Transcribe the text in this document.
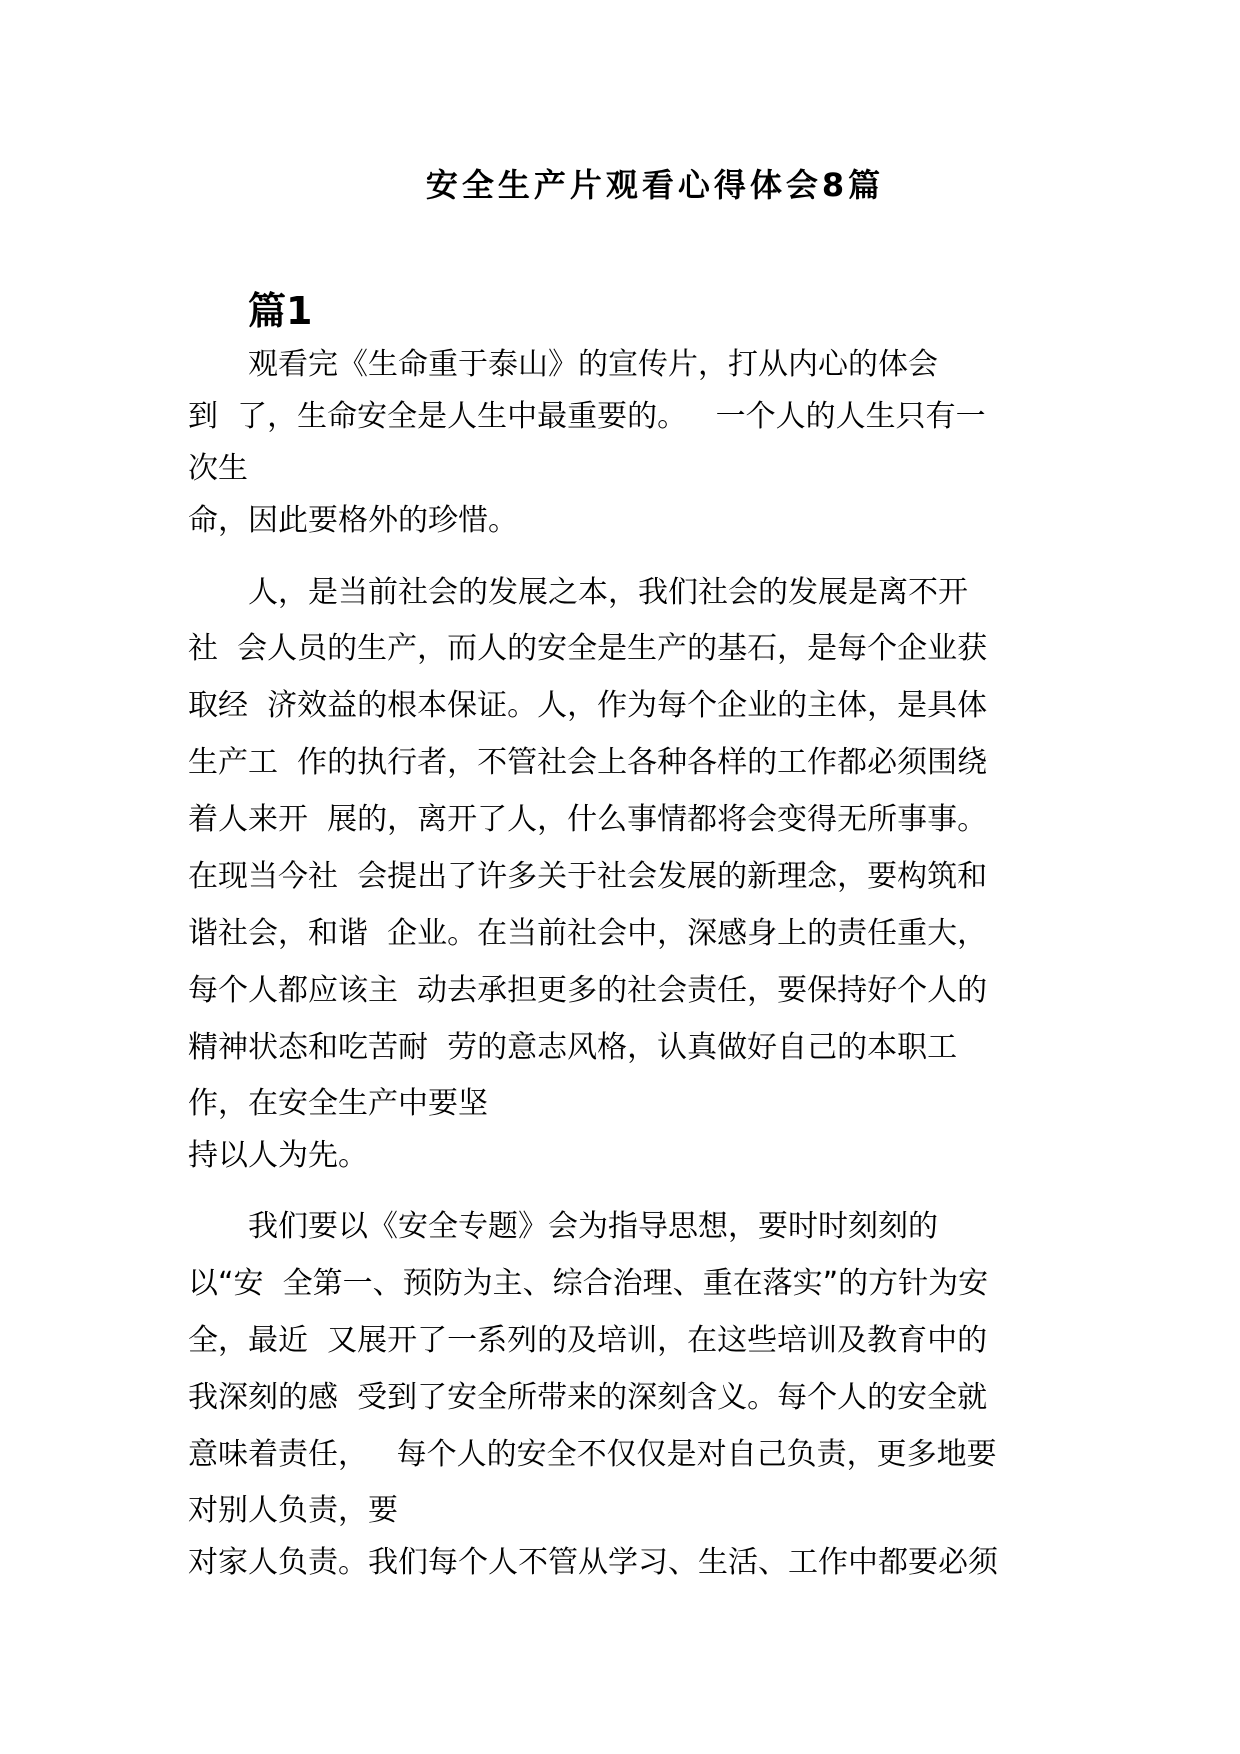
安全生产片观看心得体会8篇
篇1

观看完《生命重于泰山》的宣传片，打从内心的体会

到  了，生命安全是人生中最重要的。   一个人的人生只有一

次生

命，因此要格外的珍惜。

人，是当前社会的发展之本，我们社会的发展是离不开

社  会人员的生产，而人的安全是生产的基石，是每个企业获

取经  济效益的根本保证。人，作为每个企业的主体，是具体

生产工  作的执行者，不管社会上各种各样的工作都必须围绕

着人来开  展的，离开了人，什么事情都将会变得无所事事。

在现当今社  会提出了许多关于社会发展的新理念，要构筑和

谐社会，和谐  企业。在当前社会中，深感身上的责任重大，

每个人都应该主  动去承担更多的社会责任，要保持好个人的

精神状态和吃苦耐  劳的意志风格，认真做好自己的本职工

作，在安全生产中要坚

持以人为先。

我们要以《安全专题》会为指导思想，要时时刻刻的

以“安  全第一、预防为主、综合治理、重在落实”的方针为安

全，最近  又展开了一系列的及培训，在这些培训及教育中的

我深刻的感  受到了安全所带来的深刻含义。每个人的安全就

意味着责任，   每个人的安全不仅仅是对自己负责，更多地要

对别人负责，要

对家人负责。我们每个人不管从学习、生活、工作中都要必须
